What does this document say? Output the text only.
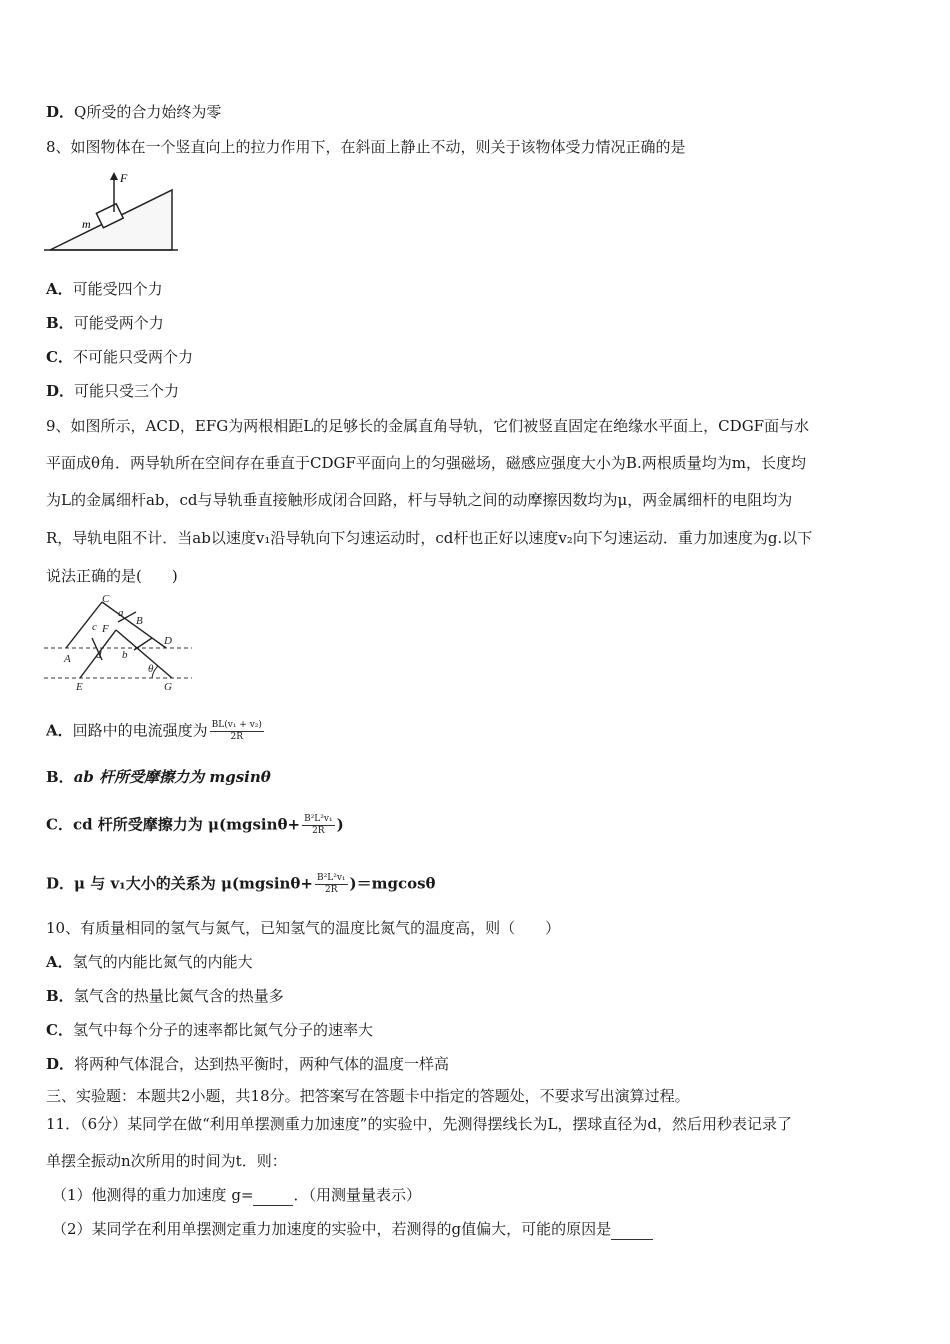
D．Q所受的合力始终为零
8、如图物体在一个竖直向上的拉力作用下，在斜面上静止不动，则关于该物体受力情况正确的是
F
m
A．可能受四个力
B．可能受两个力
C．不可能只受两个力
D．可能只受三个力
9、如图所示，ACD，EFG为两根相距L的足够长的金属直角导轨，它们被竖直固定在绝缘水平面上，CDGF面与水
平面成θ角．两导轨所在空间存在垂直于CDGF平面向上的匀强磁场，磁感应强度大小为B.两根质量均为m，长度均
为L的金属细杆ab，cd与导轨垂直接触形成闭合回路，杆与导轨之间的动摩擦因数均为μ，两金属细杆的电阻均为
R，导轨电阻不计．当ab以速度v₁沿导轨向下匀速运动时，cd杆也正好以速度v₂向下匀速运动．重力加速度为g.以下
说法正确的是(　　)
C
a
B
D
c F
A d b
θ
E	G
A．回路中的电流强度为 $\frac{\text{BL(v₁ + v₂)}}{2R}$
B．ab 杆所受摩擦力为 mgsinθ
C．cd 杆所受摩擦力为 $\mu(mgsin\theta+ \frac{\text{B²L²v₁}}{2R}$ )
D．μ 与 v₁大小的关系为 $\mu(mgsin\theta+ \frac{\text{B²L²v₁}}{2R} )=mgcos\theta$
10、有质量相同的氢气与氮气，已知氢气的温度比氮气的温度高，则（　　）
A．氢气的内能比氮气的内能大
B．氢气含的热量比氮气含的热量多
C．氢气中每个分子的速率都比氮气分子的速率大
D．将两种气体混合，达到热平衡时，两种气体的温度一样高
三、实验题：本题共2小题，共18分。把答案写在答题卡中指定的答题处，不要求写出演算过程。
11．（6分）某同学在做“利用单摆测重力加速度”的实验中，先测得摆线长为L，摆球直径为d，然后用秒表记录了
单摆全振动n次所用的时间为t．则：
（1）他测得的重力加速度 g=	．（用测量量表示）
（2）某同学在利用单摆测定重力加速度的实验中，若测得的g值偏大，可能的原因是
